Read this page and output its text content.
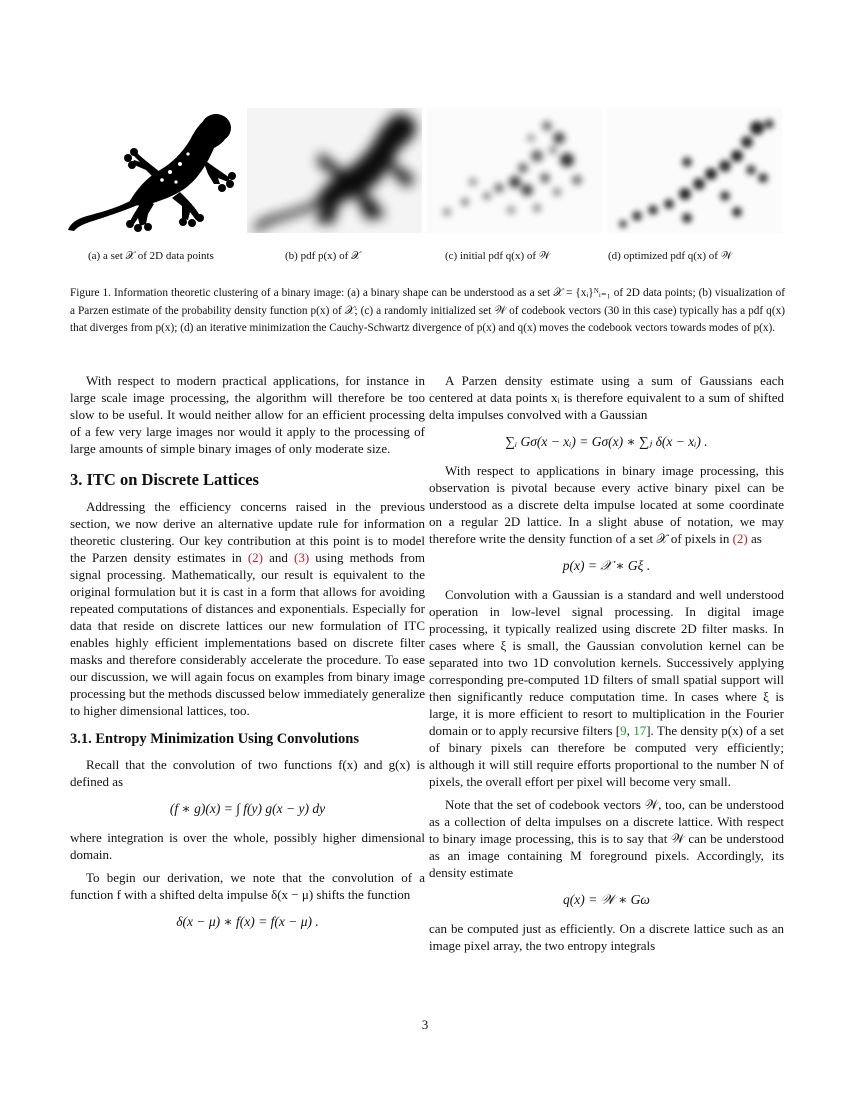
(a) a set 𝒳 of 2D data points	(b) pdf p(x) of 𝒳	(c) initial pdf q(x) of 𝒲	(d) optimized pdf q(x) of 𝒲
Figure 1. Information theoretic clustering of a binary image: (a) a binary shape can be understood as a set 𝒳 = {xᵢ}ᴺᵢ₌₁ of 2D data points; (b) visualization of a Parzen estimate of the probability density function p(x) of 𝒳; (c) a randomly initialized set 𝒲 of codebook vectors (30 in this case) typically has a pdf q(x) that diverges from p(x); (d) an iterative minimization the Cauchy-Schwartz divergence of p(x) and q(x) moves the codebook vectors towards modes of p(x).

With respect to modern practical applications, for instance in large scale image processing, the algorithm will therefore be too slow to be useful. It would neither allow for an efficient processing of a few very large images nor would it apply to the processing of large amounts of simple binary images of only moderate size.

3. ITC on Discrete Lattices

Addressing the efficiency concerns raised in the previous section, we now derive an alternative update rule for information theoretic clustering. Our key contribution at this point is to model the Parzen density estimates in (2) and (3) using methods from signal processing. Mathematically, our result is equivalent to the original formulation but it is cast in a form that allows for avoiding repeated computations of distances and exponentials. Especially for data that reside on discrete lattices our new formulation of ITC enables highly efficient implementations based on discrete filter masks and therefore considerably accelerate the procedure. To ease our discussion, we will again focus on examples from binary image processing but the methods discussed below immediately generalize to higher dimensional lattices, too.

3.1. Entropy Minimization Using Convolutions

Recall that the convolution of two functions f(x) and g(x) is defined as

(f ∗ g)(x) = ∫ f(y) g(x − y) dy

where integration is over the whole, possibly higher dimensional domain.

To begin our derivation, we note that the convolution of a function f with a shifted delta impulse δ(x − μ) shifts the function

δ(x − μ) ∗ f(x) = f(x − μ) .

A Parzen density estimate using a sum of Gaussians each centered at data points xᵢ is therefore equivalent to a sum of shifted delta impulses convolved with a Gaussian

∑ᵢ Gσ(x − xᵢ) = Gσ(x) ∗ ∑ⱼ δ(x − xᵢ) .

With respect to applications in binary image processing, this observation is pivotal because every active binary pixel can be understood as a discrete delta impulse located at some coordinate on a regular 2D lattice. In a slight abuse of notation, we may therefore write the density function of a set 𝒳 of pixels in (2) as

p(x) = 𝒳 ∗ Gξ .

Convolution with a Gaussian is a standard and well understood operation in low-level signal processing. In digital image processing, it typically realized using discrete 2D filter masks. In cases where ξ is small, the Gaussian convolution kernel can be separated into two 1D convolution kernels. Successively applying corresponding pre-computed 1D filters of small spatial support will then significantly reduce computation time. In cases where ξ is large, it is more efficient to resort to multiplication in the Fourier domain or to apply recursive filters [9, 17]. The density p(x) of a set of binary pixels can therefore be computed very efficiently; although it will still require efforts proportional to the number N of pixels, the overall effort per pixel will become very small.

Note that the set of codebook vectors 𝒲, too, can be understood as a collection of delta impulses on a discrete lattice. With respect to binary image processing, this is to say that 𝒲 can be understood as an image containing M foreground pixels. Accordingly, its density estimate

q(x) = 𝒲 ∗ Gω

can be computed just as efficiently. On a discrete lattice such as an image pixel array, the two entropy integrals

3
